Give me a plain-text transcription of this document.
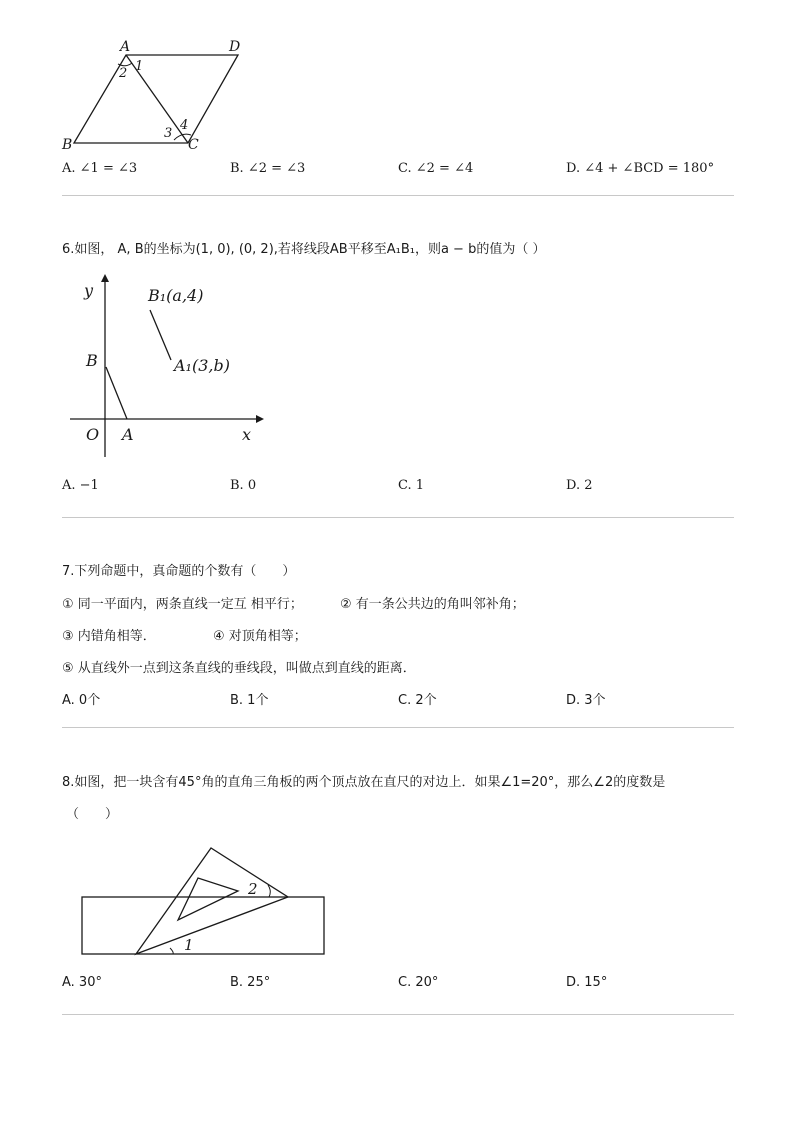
A	D
B	C
1
2
3
4
A. ∠1 = ∠3	B. ∠2 = ∠3	C. ∠2 = ∠4	D. ∠4 + ∠BCD = 180°
6.如图， A, B的坐标为(1, 0), (0, 2),若将线段AB平移至A₁B₁，则a − b的值为（ ）
y
x
O A
B
B₁(a,4)
A₁(3,b)
A. −1	B. 0	C. 1	D. 2
7.下列命题中，真命题的个数有（　　）
① 同一平面内，两条直线一定互 相平行；	② 有一条公共边的角叫邻补角；
③ 内错角相等．	④ 对顶角相等；
⑤ 从直线外一点到这条直线的垂线段，叫做点到直线的距离．
A. 0个	B. 1个	C. 2个	D. 3个
8.如图，把一块含有45°角的直角三角板的两个顶点放在直尺的对边上．如果∠1=20°，那么∠2的度数是
（　　）
1
2
A. 30°	B. 25°	C. 20°	D. 15°
